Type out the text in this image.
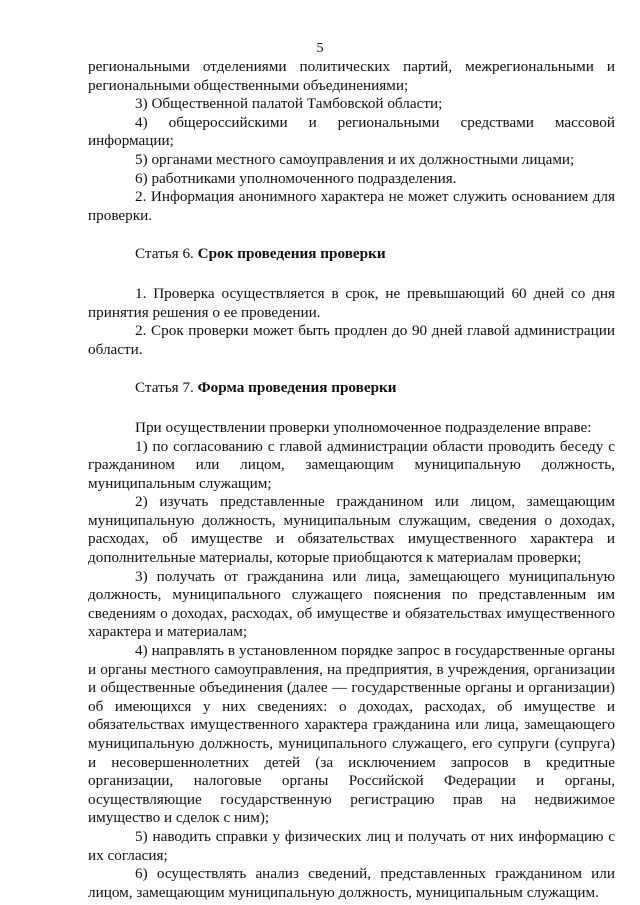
5

региональными отделениями политических партий, межрегиональными и региональными общественными объединениями;

3) Общественной палатой Тамбовской области;

4) общероссийскими и региональными средствами массовой информации;

5) органами местного самоуправления и их должностными лицами;

6) работниками уполномоченного подразделения.

2. Информация анонимного характера не может служить основанием для проверки.

Статья 6. Срок проведения проверки

1. Проверка осуществляется в срок, не превышающий 60 дней со дня принятия решения о ее проведении.

2. Срок проверки может быть продлен до 90 дней главой администрации области.

Статья 7. Форма проведения проверки

При осуществлении проверки уполномоченное подразделение вправе:

1) по согласованию с главой администрации области проводить беседу с гражданином или лицом, замещающим муниципальную должность, муниципальным служащим;

2) изучать представленные гражданином или лицом, замещающим муниципальную должность, муниципальным служащим, сведения о доходах, расходах, об имуществе и обязательствах имущественного характера и дополнительные материалы, которые приобщаются к материалам проверки;

3) получать от гражданина или лица, замещающего муниципальную должность, муниципального служащего пояснения по представленным им сведениям о доходах, расходах, об имуществе и обязательствах имущественного характера и материалам;

4) направлять в установленном порядке запрос в государственные органы и органы местного самоуправления, на предприятия, в учреждения, организации и общественные объединения (далее — государственные органы и организации) об имеющихся у них сведениях: о доходах, расходах, об имуществе и обязательствах имущественного характера гражданина или лица, замещающего муниципальную должность, муниципального служащего, его супруги (супруга) и несовершеннолетних детей (за исключением запросов в кредитные организации, налоговые органы Российской Федерации и органы, осуществляющие государственную регистрацию прав на недвижимое имущество и сделок с ним);

5) наводить справки у физических лиц и получать от них информацию с их согласия;

6) осуществлять анализ сведений, представленных гражданином или лицом, замещающим муниципальную должность, муниципальным служащим.
